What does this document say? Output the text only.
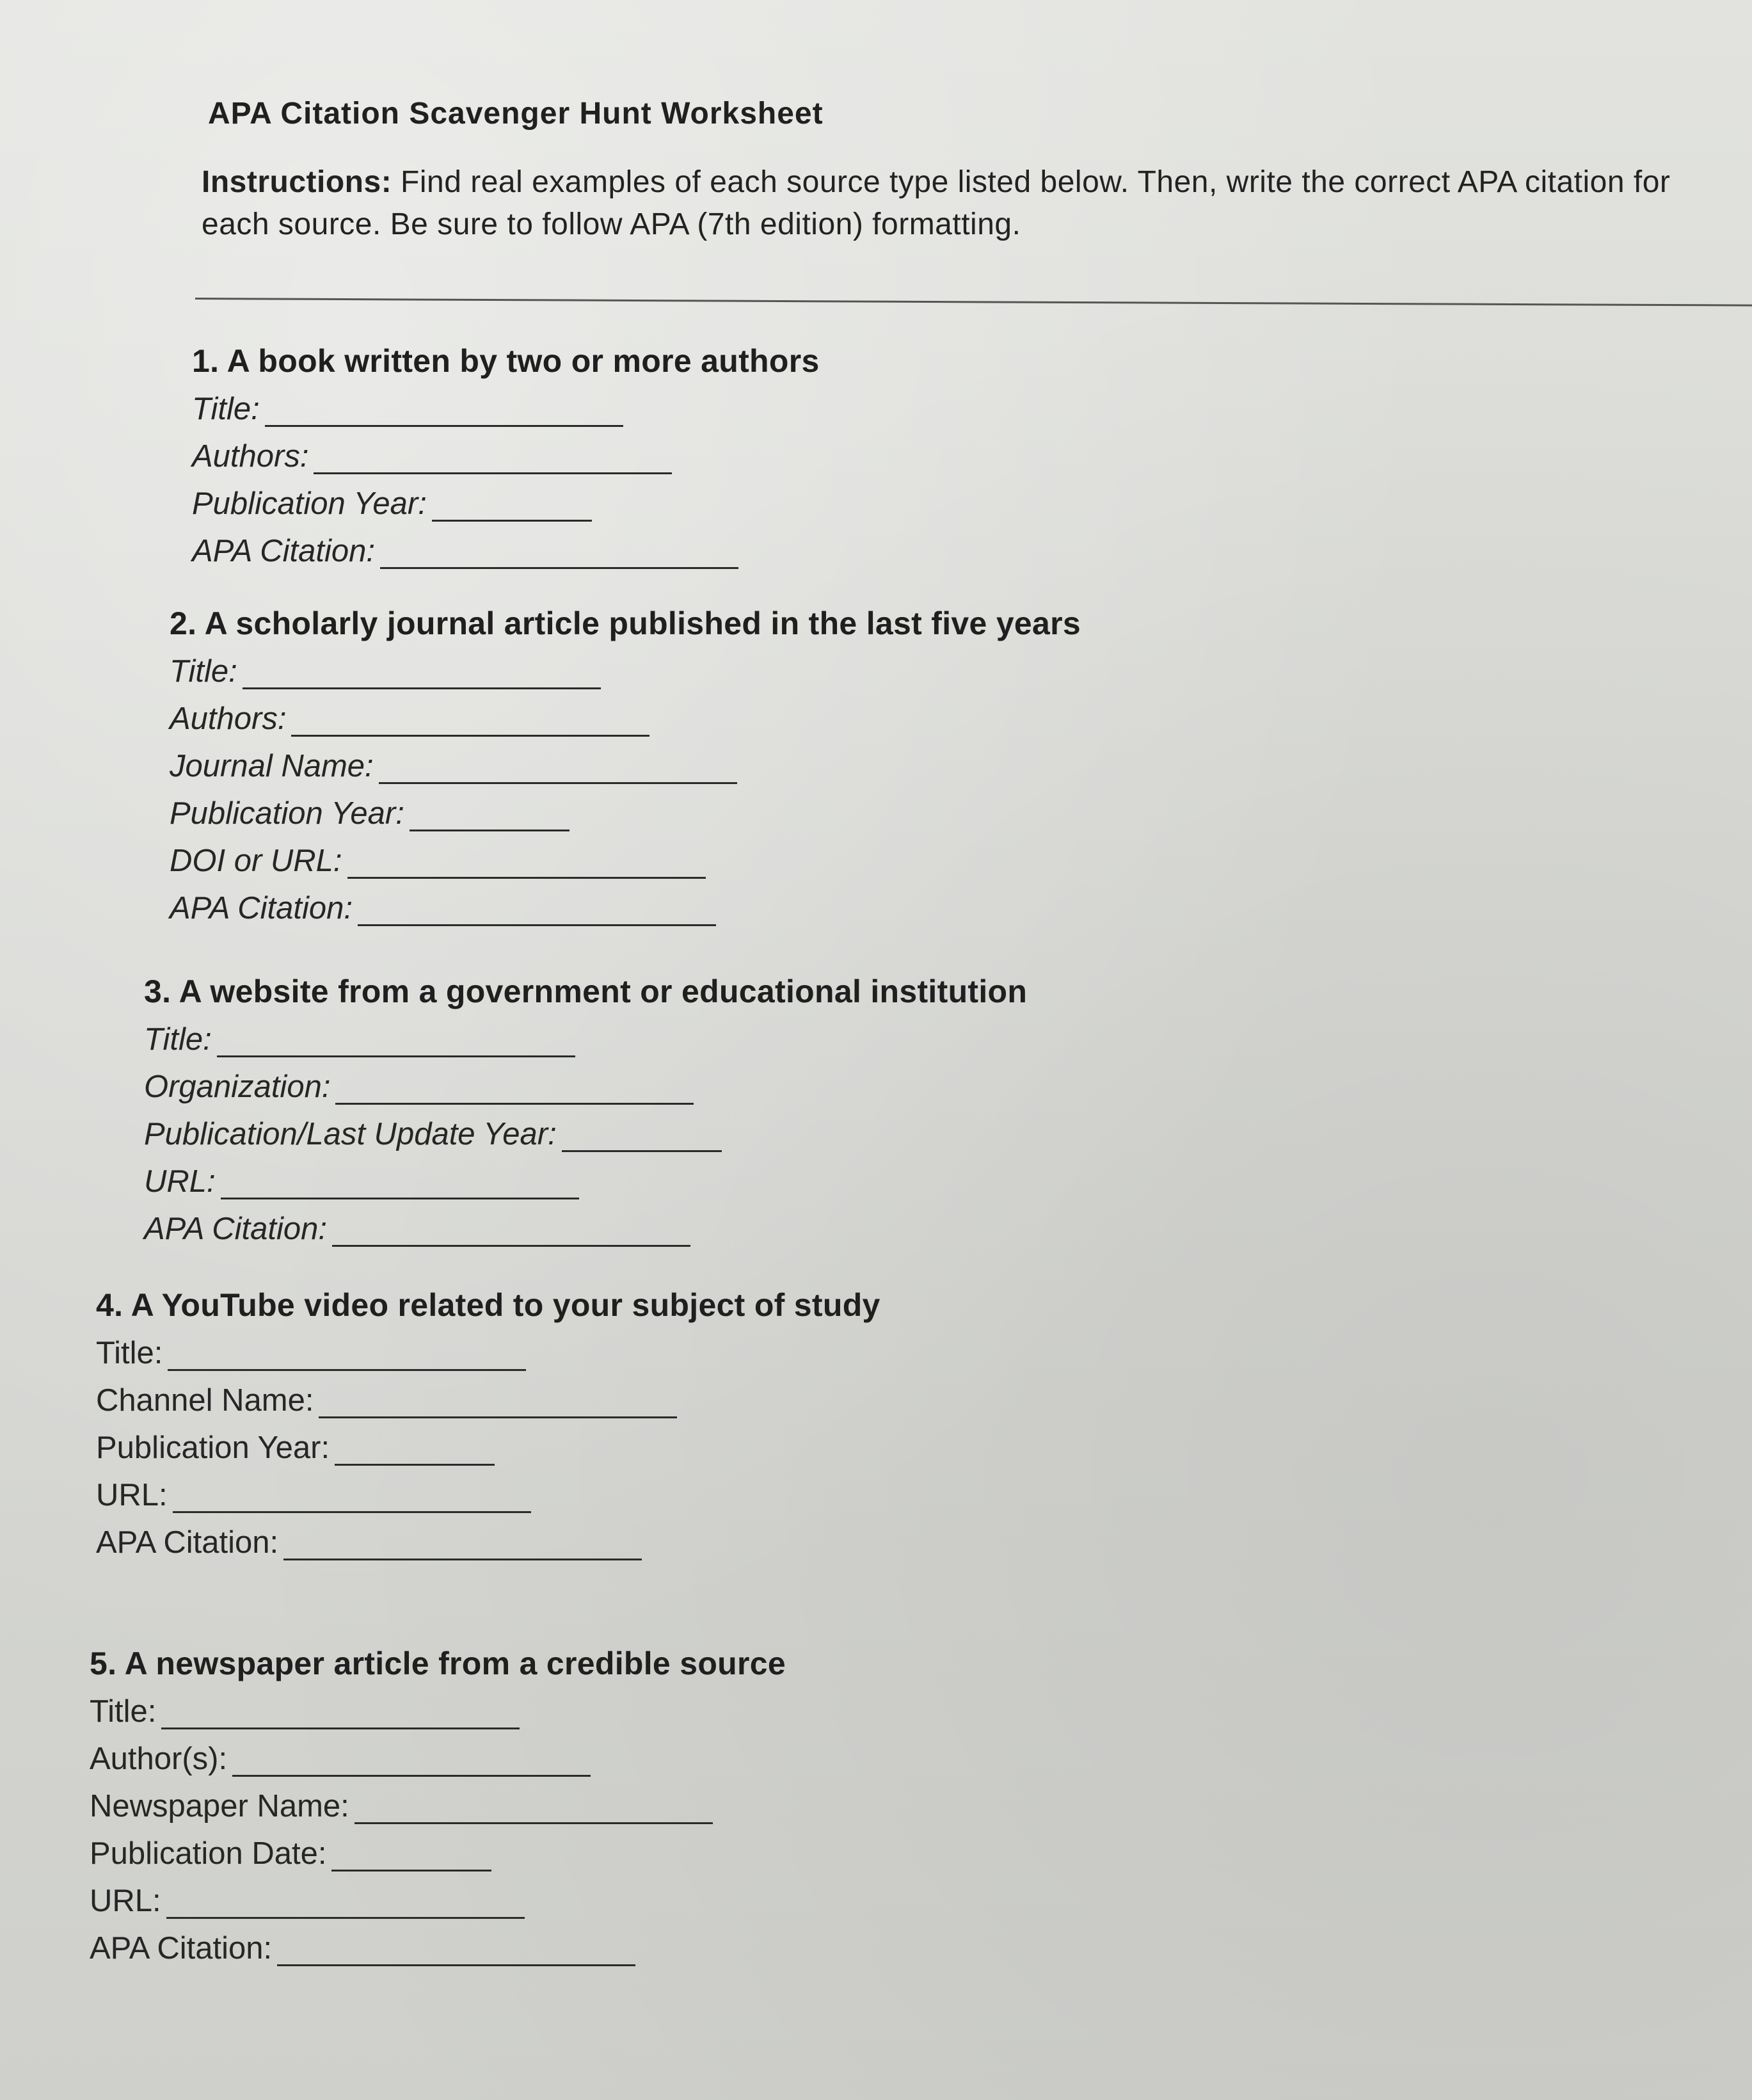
APA Citation Scavenger Hunt Worksheet
Instructions: Find real examples of each source type listed below. Then, write the correct APA citation for each source. Be sure to follow APA (7th edition) formatting.
1. A book written by two or more authors
Title:
Authors:
Publication Year:
APA Citation:
2. A scholarly journal article published in the last five years
Title:
Authors:
Journal Name:
Publication Year:
DOI or URL:
APA Citation:
3. A website from a government or educational institution
Title:
Organization:
Publication/Last Update Year:
URL:
APA Citation:
4. A YouTube video related to your subject of study
Title:
Channel Name:
Publication Year:
URL:
APA Citation:
5. A newspaper article from a credible source
Title:
Author(s):
Newspaper Name:
Publication Date:
URL:
APA Citation:
